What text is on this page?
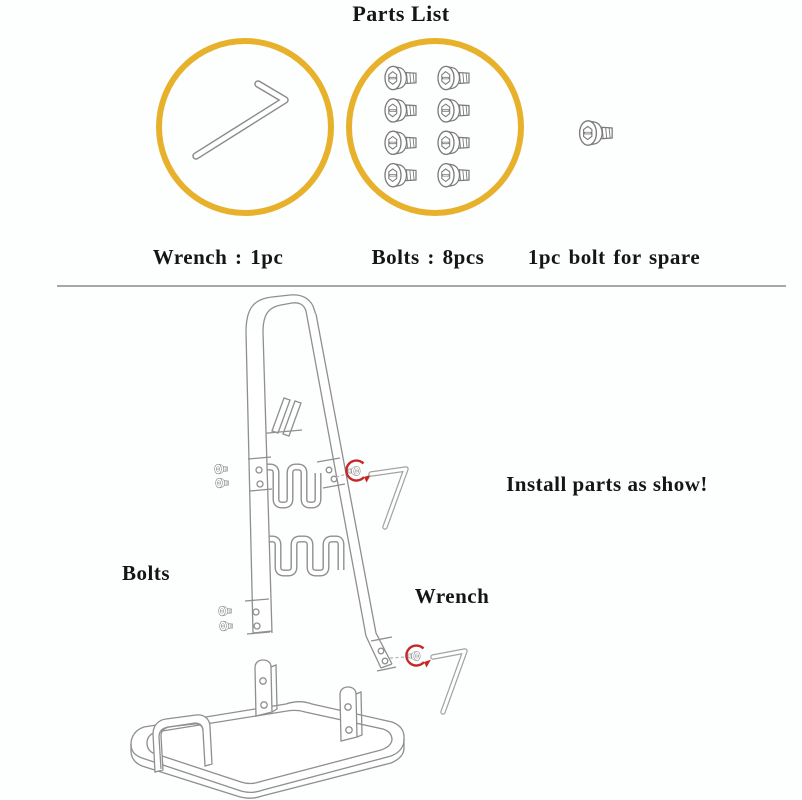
Parts List
Wrench : 1pc	Bolts : 8pcs 1pc bolt for spare
Install parts as show!
Bolts
Wrench
